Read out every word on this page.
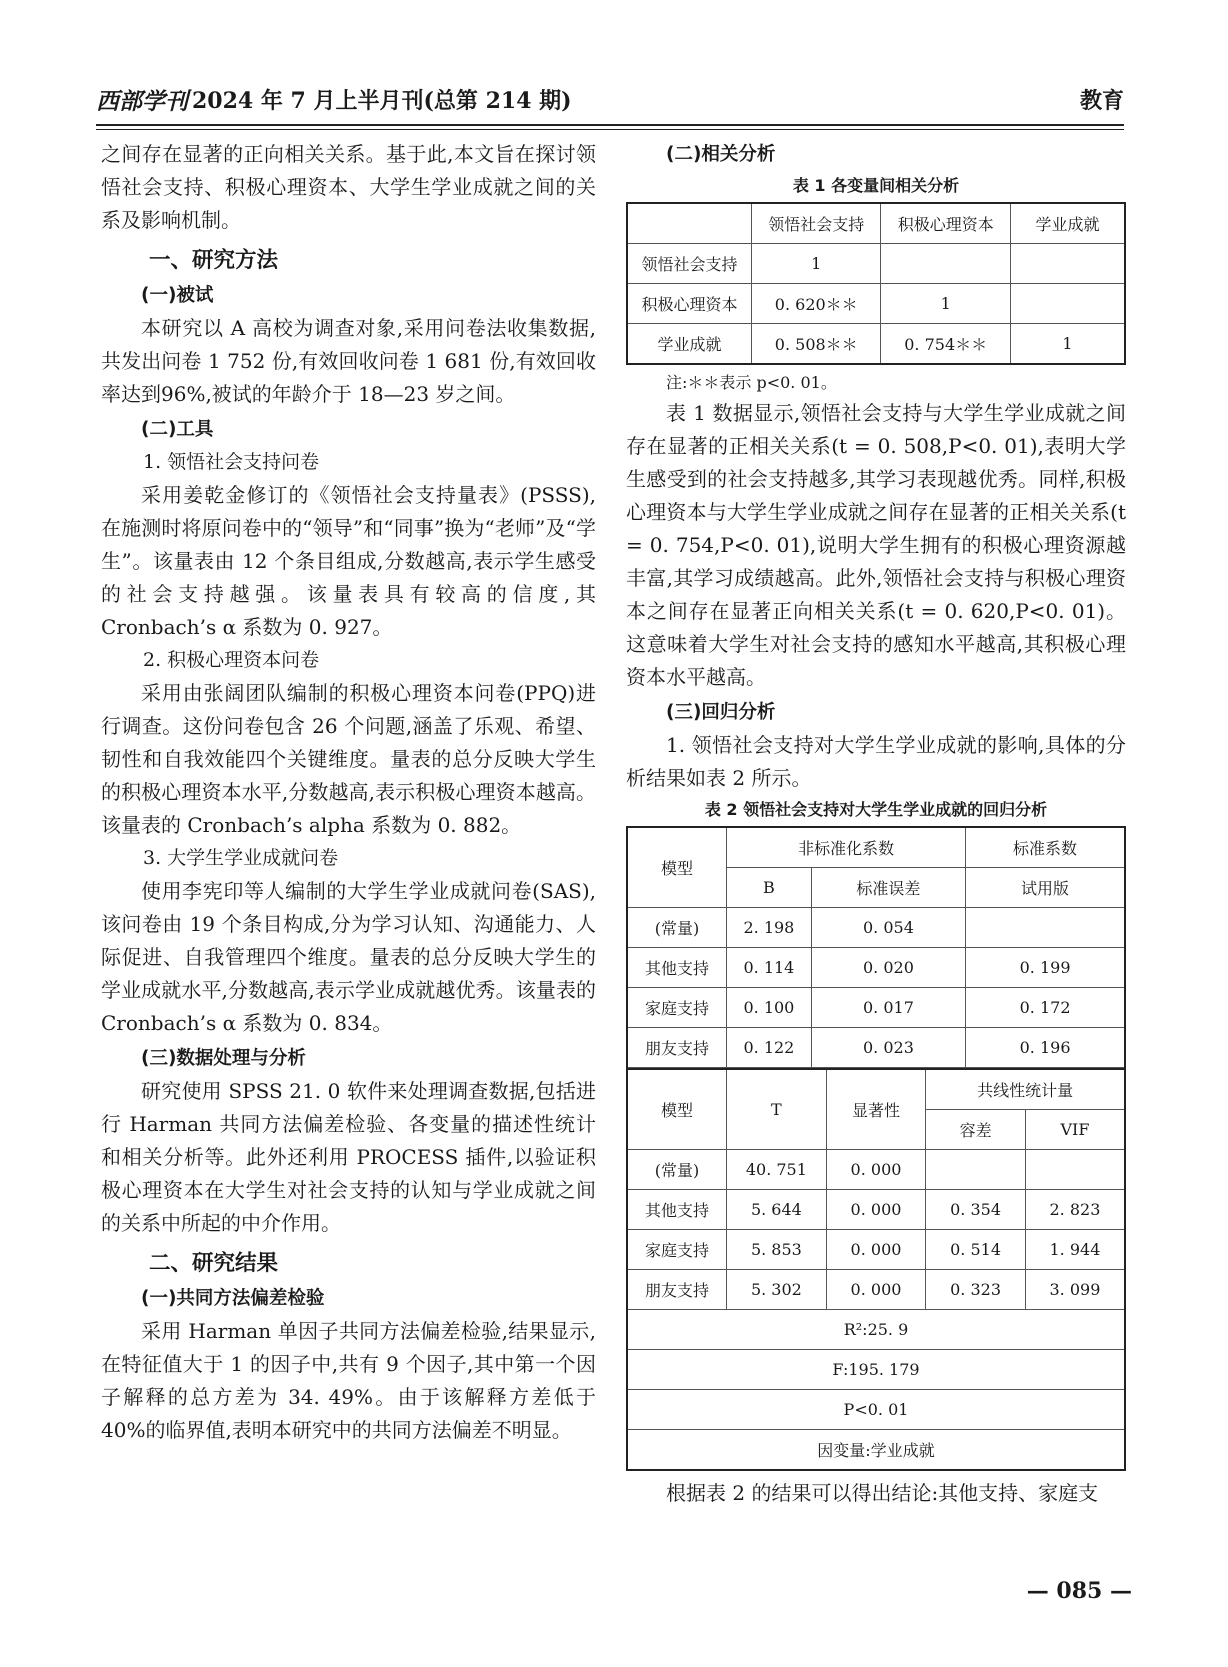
西部学刊 2024 年 7 月上半月刊(总第 214 期)	教育

之间存在显著的正向相关关系。基于此,本文旨在探讨领悟社会支持、积极心理资本、大学生学业成就之间的关系及影响机制。

一、研究方法
(一)被试

本研究以 A 高校为调查对象,采用问卷法收集数据,共发出问卷 1 752 份,有效回收问卷 1 681 份,有效回收率达到96%,被试的年龄介于 18—23 岁之间。

(二)工具
1. 领悟社会支持问卷

采用姜乾金修订的《领悟社会支持量表》(PSSS),在施测时将原问卷中的“领导”和“同事”换为“老师”及“学生”。该量表由 12 个条目组成,分数越高,表示学生感受的社会支持越强。该量表具有较高的信度,其 Cronbach’s α 系数为 0. 927。

2. 积极心理资本问卷

采用由张阔团队编制的积极心理资本问卷(PPQ)进行调查。这份问卷包含 26 个问题,涵盖了乐观、希望、韧性和自我效能四个关键维度。量表的总分反映大学生的积极心理资本水平,分数越高,表示积极心理资本越高。该量表的 Cronbach’s alpha 系数为 0. 882。

3. 大学生学业成就问卷

使用李宪印等人编制的大学生学业成就问卷(SAS),该问卷由 19 个条目构成,分为学习认知、沟通能力、人际促进、自我管理四个维度。量表的总分反映大学生的学业成就水平,分数越高,表示学业成就越优秀。该量表的 Cronbach’s α 系数为 0. 834。

(三)数据处理与分析

研究使用 SPSS 21. 0 软件来处理调查数据,包括进行 Harman 共同方法偏差检验、各变量的描述性统计和相关分析等。此外还利用 PROCESS 插件,以验证积极心理资本在大学生对社会支持的认知与学业成就之间的关系中所起的中介作用。

二、研究结果
(一)共同方法偏差检验

采用 Harman 单因子共同方法偏差检验,结果显示,在特征值大于 1 的因子中,共有 9 个因子,其中第一个因子解释的总方差为 34. 49%。由于该解释方差低于 40%的临界值,表明本研究中的共同方法偏差不明显。

(二)相关分析
表 1 各变量间相关分析
	领悟社会支持	积极心理资本	学业成就
领悟社会支持	1		
积极心理资本	0. 620＊＊	1	
学业成就	0. 508＊＊	0. 754＊＊	1
注:＊＊表示 p<0. 01。

表 1 数据显示,领悟社会支持与大学生学业成就之间存在显著的正相关关系(t = 0. 508,P<0. 01),表明大学生感受到的社会支持越多,其学习表现越优秀。同样,积极心理资本与大学生学业成就之间存在显著的正相关关系(t = 0. 754,P<0. 01),说明大学生拥有的积极心理资源越丰富,其学习成绩越高。此外,领悟社会支持与积极心理资本之间存在显著正向相关关系(t = 0. 620,P<0. 01)。这意味着大学生对社会支持的感知水平越高,其积极心理资本水平越高。

(三)回归分析

1. 领悟社会支持对大学生学业成就的影响,具体的分析结果如表 2 所示。

表 2 领悟社会支持对大学生学业成就的回归分析
模型	非标准化系数		标准系数
	B	标准误差	试用版
(常量)	2. 198	0. 054	
其他支持	0. 114	0. 020	0. 199
家庭支持	0. 100	0. 017	0. 172
朋友支持	0. 122	0. 023	0. 196
模型	T	显著性	共线性统计量	
			容差	VIF
(常量)	40. 751	0. 000		
其他支持	5. 644	0. 000	0. 354	2. 823
家庭支持	5. 853	0. 000	0. 514	1. 944
朋友支持	5. 302	0. 000	0. 323	3. 099
R²:25. 9				
F:195. 179				
P<0. 01				
因变量:学业成就				

根据表 2 的结果可以得出结论:其他支持、家庭支

— 085 —
